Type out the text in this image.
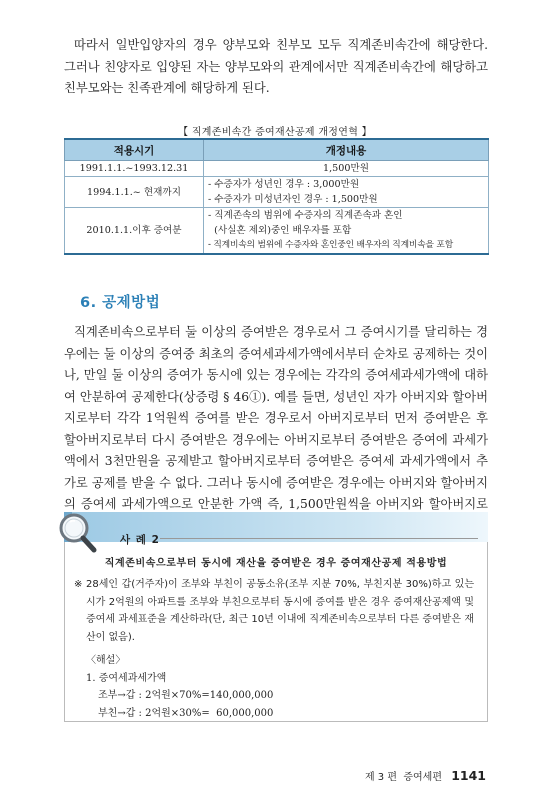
따라서 일반입양자의 경우 양부모와 친부모 모두 직계존비속간에 해당한다. 그러나 친양자로 입양된 자는 양부모와의 관계에서만 직계존비속간에 해당하고 친부모와는 친족관계에 해당하게 된다.

【 직계존비속간 증여재산공제 개정연혁 】
적용시기	개정내용
1991.1.1.~1993.12.31	1,500만원
1994.1.1.~ 현재까지	- 수증자가 성년인 경우 : 3,000만원
- 수증자가 미성년자인 경우 : 1,500만원

2010.1.1.이후 증여분	- 직계존속의 범위에 수증자의 직계존속과 혼인
(사실혼 제외)중인 배우자를 포함
- 직계비속의 범위에 수증자와 혼인중인 배우자의 직계비속을 포함
6. 공제방법

직계존비속으로부터 둘 이상의 증여받은 경우로서 그 증여시기를 달리하는 경우에는 둘 이상의 증여중 최초의 증여세과세가액에서부터 순차로 공제하는 것이나, 만일 둘 이상의 증여가 동시에 있는 경우에는 각각의 증여세과세가액에 대하여 안분하여 공제한다(상증령 § 46①). 예를 들면, 성년인 자가 아버지와 할아버지로부터 각각 1억원씩 증여를 받은 경우로서 아버지로부터 먼저 증여받은 후 할아버지로부터 다시 증여받은 경우에는 아버지로부터 증여받은 증여에 과세가액에서 3천만원을 공제받고 할아버지로부터 증여받은 증여세 과세가액에서 추가로 공제를 받을 수 없다. 그러나 동시에 증여받은 경우에는 아버지와 할아버지의 증여세 과세가액으로 안분한 가액 즉, 1,500만원씩을 아버지와 할아버지로

사 례 2
직계존비속으로부터 동시에 재산을 증여받은 경우 증여재산공제 적용방법
※ 28세인 갑(거주자)이 조부와 부친이 공동소유(조부 지분 70%, 부친지분 30%)하고 있는 시가 2억원의 아파트를 조부와 부친으로부터 동시에 증여를 받은 경우 증여재산공제액 및 증여세 과세표준을 계산하라(단, 최근 10년 이내에 직계존비속으로부터 다른 증여받은 재산이 없음).
〈해설〉
1. 증여세과세가액
조부→갑 : 2억원×70%=140,000,000
부친→갑 : 2억원×30%=  60,000,000
제 3 편  증여세편 1141
